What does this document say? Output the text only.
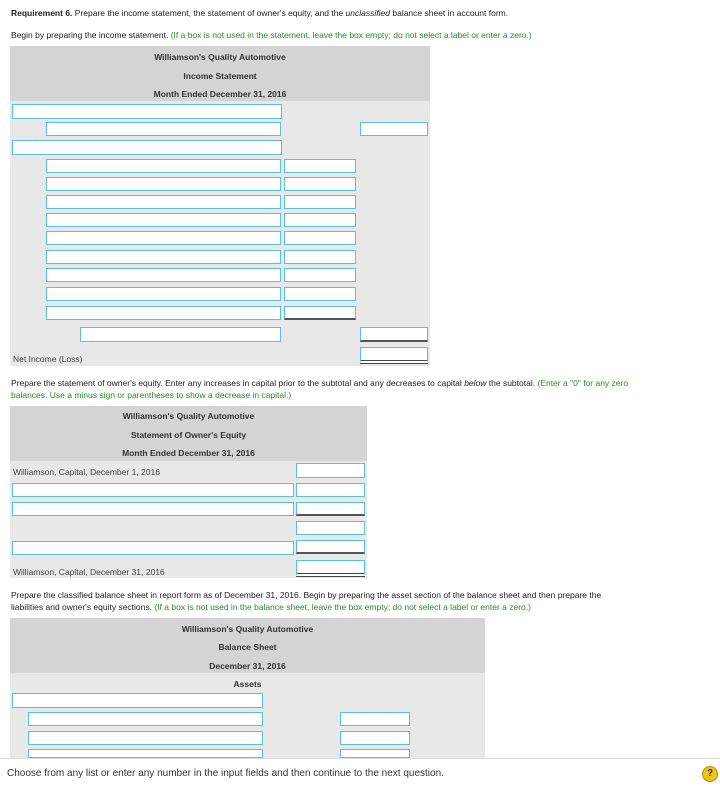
Requirement 6. Prepare the income statement, the statement of owner's equity, and the unclassified balance sheet in account form.
Begin by preparing the income statement. (If a box is not used in the statement, leave the box empty; do not select a label or enter a zero.)
Williamson's Quality Automotive
Income Statement
Month Ended December 31, 2016
Net Income (Loss)
Prepare the statement of owner's equity. Enter any increases in capital prior to the subtotal and any decreases to capital below the subtotal. (Enter a "0" for any zero
balances. Use a minus sign or parentheses to show a decrease in capital.)
Williamson's Quality Automotive
Statement of Owner's Equity
Month Ended December 31, 2016
Williamson, Capital, December 1, 2016
Williamson, Capital, December 31, 2016
Prepare the classified balance sheet in report form as of December 31, 2016. Begin by preparing the asset section of the balance sheet and then prepare the
liabilities and owner's equity sections. (If a box is not used in the balance sheet, leave the box empty; do not select a label or enter a zero.)
Williamson's Quality Automotive
Balance Sheet
December 31, 2016
Assets
Choose from any list or enter any number in the input fields and then continue to the next question.	?
